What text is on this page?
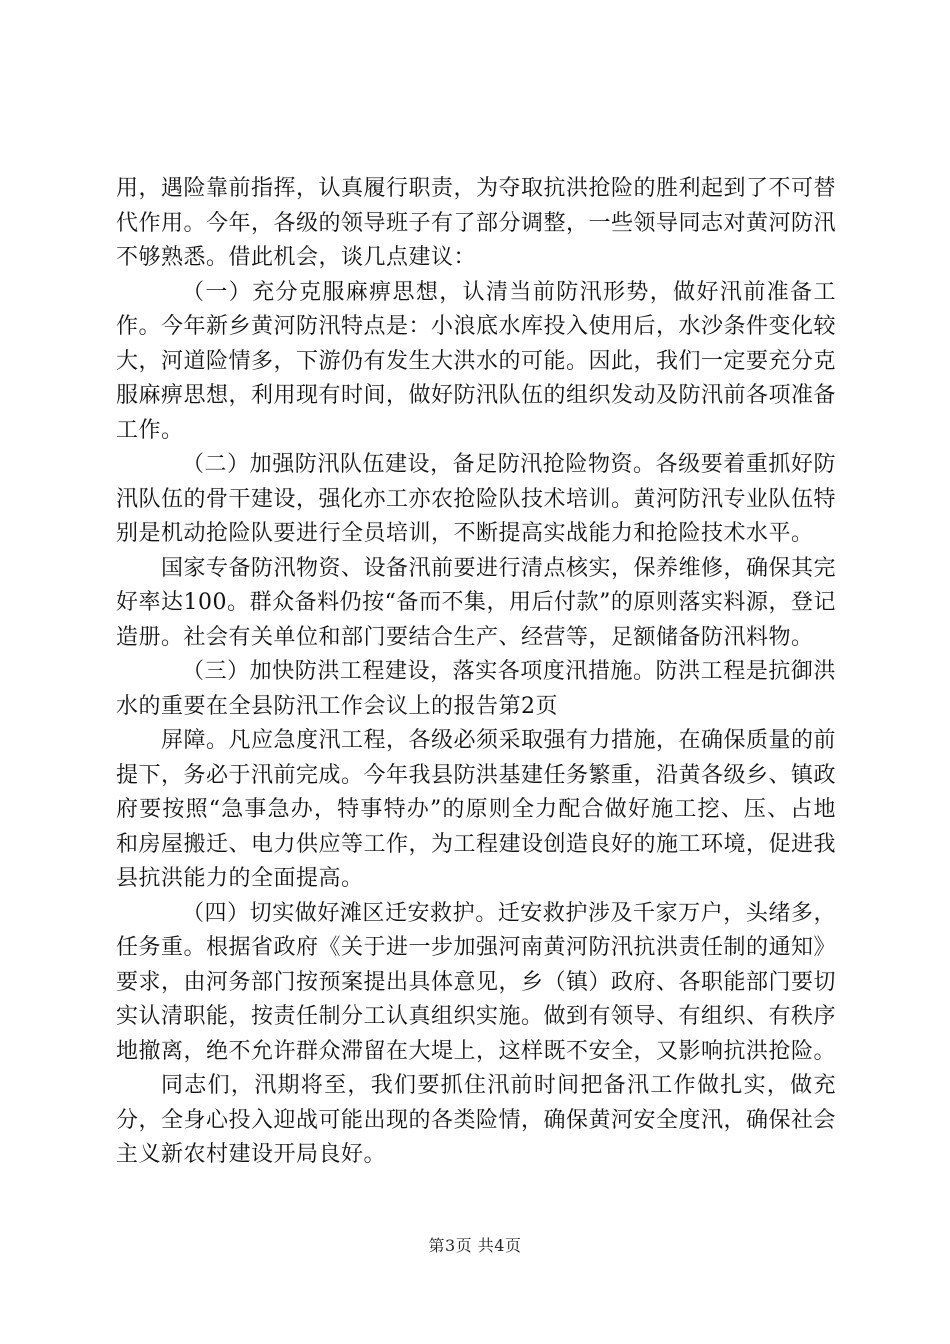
用，遇险靠前指挥，认真履行职责，为夺取抗洪抢险的胜利起到了不可替代作用。今年，各级的领导班子有了部分调整，一些领导同志对黄河防汛不够熟悉。借此机会，谈几点建议：

（一）充分克服麻痹思想，认清当前防汛形势，做好汛前准备工作。今年新乡黄河防汛特点是：小浪底水库投入使用后，水沙条件变化较大，河道险情多，下游仍有发生大洪水的可能。因此，我们一定要充分克服麻痹思想，利用现有时间，做好防汛队伍的组织发动及防汛前各项准备工作。

（二）加强防汛队伍建设，备足防汛抢险物资。各级要着重抓好防汛队伍的骨干建设，强化亦工亦农抢险队技术培训。黄河防汛专业队伍特别是机动抢险队要进行全员培训，不断提高实战能力和抢险技术水平。

国家专备防汛物资、设备汛前要进行清点核实，保养维修，确保其完好率达100。群众备料仍按“备而不集，用后付款”的原则落实料源，登记造册。社会有关单位和部门要结合生产、经营等，足额储备防汛料物。

（三）加快防洪工程建设，落实各项度汛措施。防洪工程是抗御洪水的重要在全县防汛工作会议上的报告第2页

屏障。凡应急度汛工程，各级必须采取强有力措施，在确保质量的前提下，务必于汛前完成。今年我县防洪基建任务繁重，沿黄各级乡、镇政府要按照“急事急办，特事特办”的原则全力配合做好施工挖、压、占地和房屋搬迁、电力供应等工作，为工程建设创造良好的施工环境，促进我县抗洪能力的全面提高。

（四）切实做好滩区迁安救护。迁安救护涉及千家万户，头绪多，任务重。根据省政府《关于进一步加强河南黄河防汛抗洪责任制的通知》要求，由河务部门按预案提出具体意见，乡（镇）政府、各职能部门要切实认清职能，按责任制分工认真组织实施。做到有领导、有组织、有秩序地撤离，绝不允许群众滞留在大堤上，这样既不安全，又影响抗洪抢险。

同志们，汛期将至，我们要抓住汛前时间把备汛工作做扎实，做充分，全身心投入迎战可能出现的各类险情，确保黄河安全度汛，确保社会主义新农村建设开局良好。

第3页 共4页
